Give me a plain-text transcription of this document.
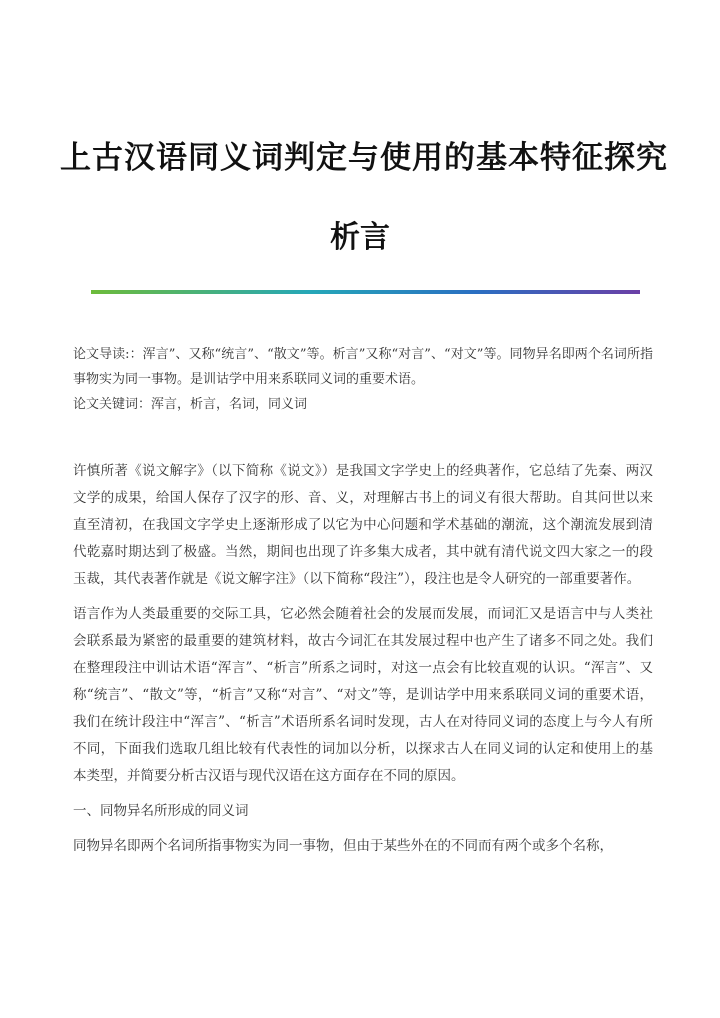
上古汉语同义词判定与使用的基本特征探究
析言

论文导读:：浑言”、又称“统言”、“散文”等。析言”又称“对言”、“对文”等。同物异名即两个名词所指事物实为同一事物。是训诂学中用来系联同义词的重要术语。

论文关键词：浑言，析言，名词，同义词

许慎所著《说文解字》（以下简称《说文》）是我国文字学史上的经典著作，它总结了先秦、两汉文学的成果，给国人保存了汉字的形、音、义，对理解古书上的词义有很大帮助。自其问世以来直至清初，在我国文字学史上逐渐形成了以它为中心问题和学术基础的潮流，这个潮流发展到清代乾嘉时期达到了极盛。当然，期间也出现了许多集大成者，其中就有清代说文四大家之一的段玉裁，其代表著作就是《说文解字注》（以下简称“段注”），段注也是令人研究的一部重要著作。

语言作为人类最重要的交际工具，它必然会随着社会的发展而发展，而词汇又是语言中与人类社会联系最为紧密的最重要的建筑材料，故古今词汇在其发展过程中也产生了诸多不同之处。我们在整理段注中训诂术语“浑言”、“析言”所系之词时，对这一点会有比较直观的认识。“浑言”、又称“统言”、“散文”等，“析言”又称“对言”、“对文”等，是训诂学中用来系联同义词的重要术语，我们在统计段注中“浑言”、“析言”术语所系名词时发现，古人在对待同义词的态度上与今人有所不同，下面我们选取几组比较有代表性的词加以分析，以探求古人在同义词的认定和使用上的基本类型，并简要分析古汉语与现代汉语在这方面存在不同的原因。

一、同物异名所形成的同义词

同物异名即两个名词所指事物实为同一事物，但由于某些外在的不同而有两个或多个名称，
